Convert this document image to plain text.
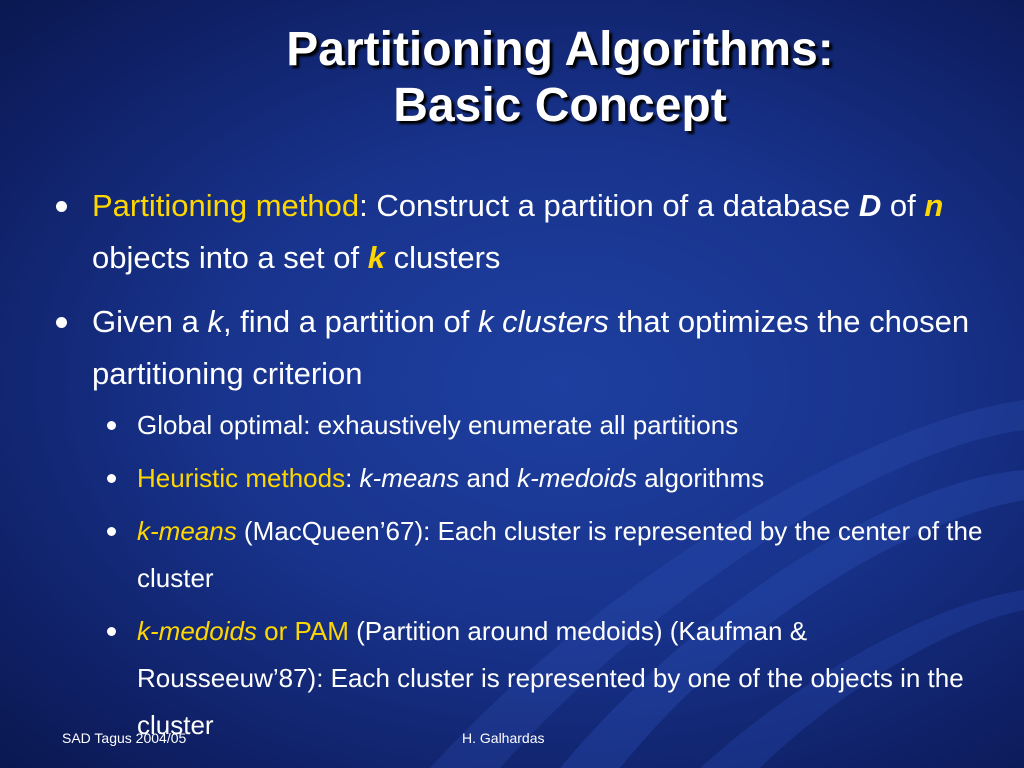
Partitioning Algorithms:
Basic Concept
Partitioning method: Construct a partition of a database D of n objects into a set of k clusters
Given a k, find a partition of k clusters that optimizes the chosen partitioning criterion
Global optimal: exhaustively enumerate all partitions
Heuristic methods: k-means and k-medoids algorithms
k-means (MacQueen’67): Each cluster is represented by the center of the cluster
k-medoids or PAM (Partition around medoids) (Kaufman & Rousseeuw’87): Each cluster is represented by one of the objects in the cluster
SAD Tagus 2004/05	H. Galhardas
